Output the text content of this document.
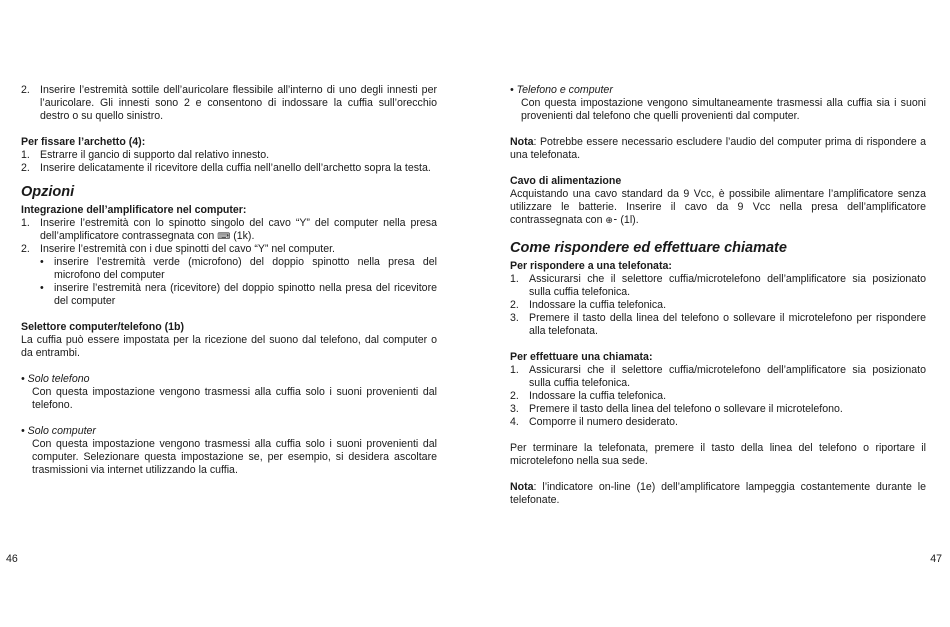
2. Inserire l’estremità sottile dell’auricolare flessibile all’interno di uno degli innesti per l’auricolare. Gli innesti sono 2 e consentono di indossare la cuffia sull’orecchio destro o su quello sinistro.

Per fissare l’archetto (4):

1. Estrarre il gancio di supporto dal relativo innesto.
2. Inserire delicatamente il ricevitore della cuffia nell’anello dell’archetto sopra la testa.
Opzioni

Integrazione dell’amplificatore nel computer:

1. Inserire l’estremità con lo spinotto singolo del cavo “Y” del computer nella presa dell’amplificatore contrassegnata con ⌨ (1k).
2. Inserire l’estremità con i due spinotti del cavo “Y” nel computer.
• inserire l’estremità verde (microfono) del doppio spinotto nella presa del microfono del computer
• inserire l’estremità nera (ricevitore) del doppio spinotto nella presa del ricevitore del computer

Selettore computer/telefono (1b)

La cuffia può essere impostata per la ricezione del suono dal telefono, dal computer o da entrambi.

• Solo telefono

Con questa impostazione vengono trasmessi alla cuffia solo i suoni provenienti dal telefono.

• Solo computer

Con questa impostazione vengono trasmessi alla cuffia solo i suoni provenienti dal computer. Selezionare questa impostazione se, per esempio, si desidera ascoltare trasmissioni via internet utilizzando la cuffia.

• Telefono e computer

Con questa impostazione vengono simultaneamente trasmessi alla cuffia sia i suoni provenienti dal telefono che quelli provenienti dal computer.

Nota: Potrebbe essere necessario escludere l’audio del computer prima di rispondere a una telefonata.

Cavo di alimentazione

Acquistando una cavo standard da 9 Vcc, è possibile alimentare l’amplificatore senza utilizzare le batterie. Inserire il cavo da 9 Vcc nella presa dell’amplificatore contrassegnata con ⊕⁃ (1l).

Come rispondere ed effettuare chiamate

Per rispondere a una telefonata:

1. Assicurarsi che il selettore cuffia/microtelefono dell’amplificatore sia posizionato sulla cuffia telefonica.
2. Indossare la cuffia telefonica.
3. Premere il tasto della linea del telefono o sollevare il microtelefono per rispondere alla telefonata.

Per effettuare una chiamata:

1. Assicurarsi che il selettore cuffia/microtelefono dell’amplificatore sia posizionato sulla cuffia telefonica.
2. Indossare la cuffia telefonica.
3. Premere il tasto della linea del telefono o sollevare il microtelefono.
4. Comporre il numero desiderato.

Per terminare la telefonata, premere il tasto della linea del telefono o riportare il microtelefono nella sua sede.

Nota: l’indicatore on-line (1e) dell’amplificatore lampeggia costantemente durante le telefonate.

46	47
